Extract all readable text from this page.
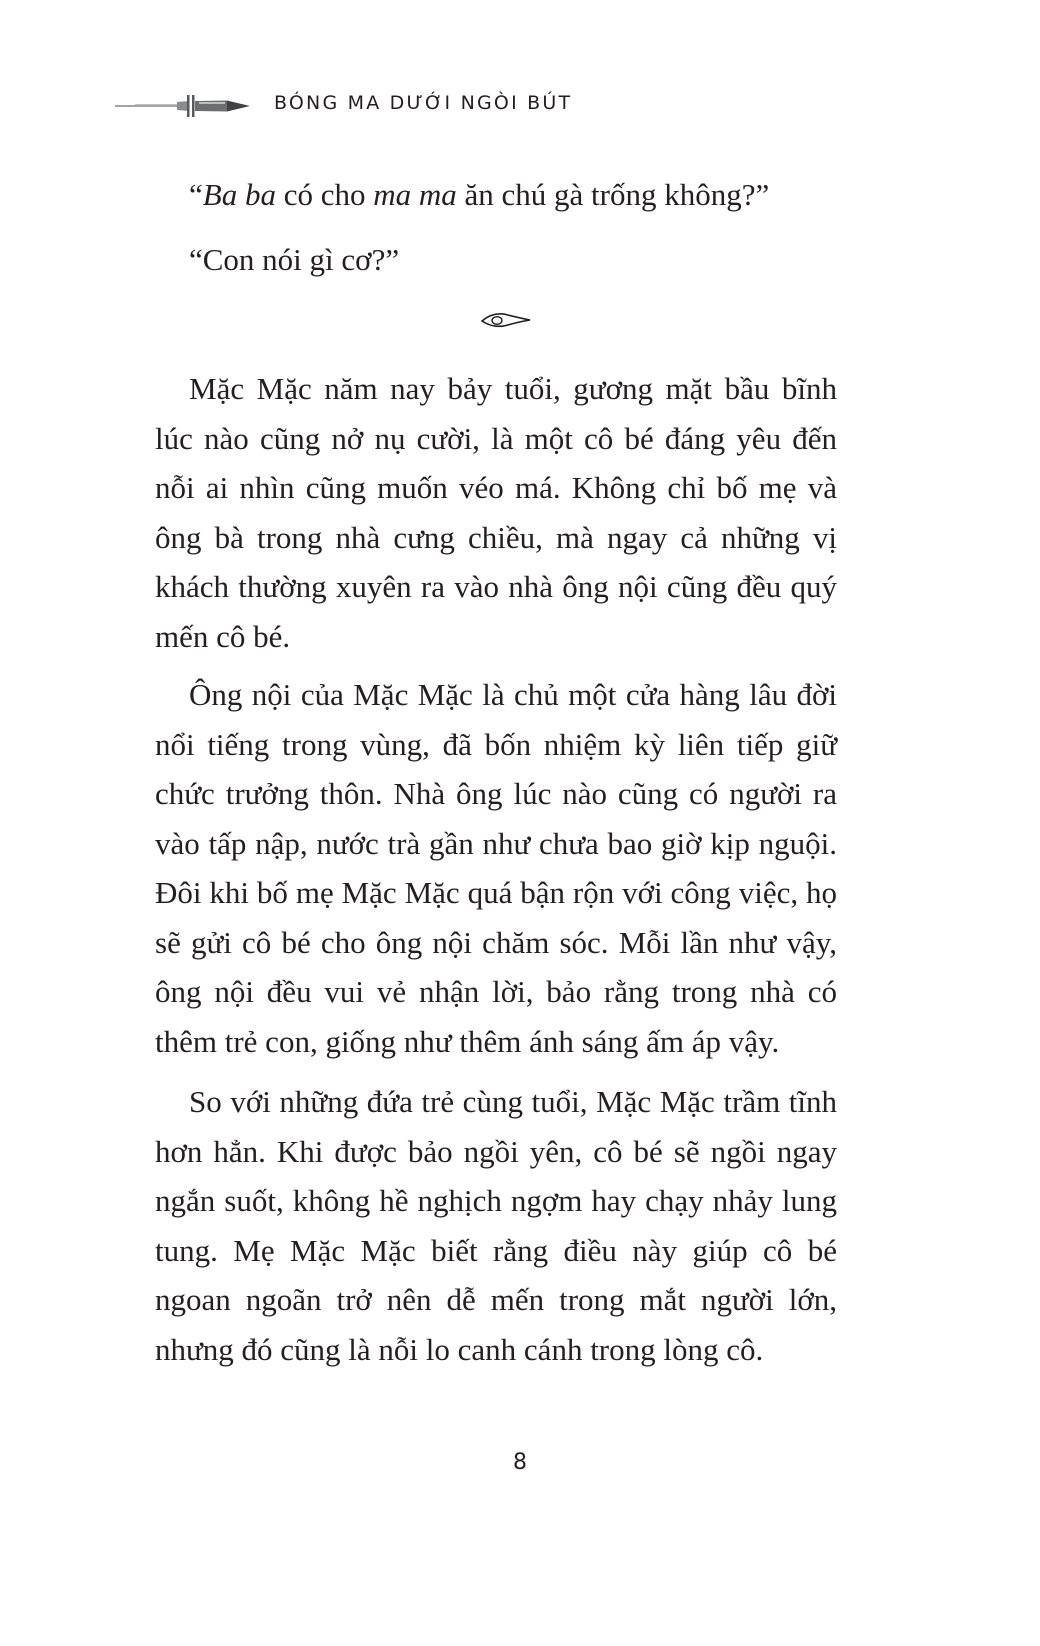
BÓNG MA DƯỚI NGÒI BÚT
“Ba ba có cho ma ma ăn chú gà trống không?”
“Con nói gì cơ?”

Mặc Mặc năm nay bảy tuổi, gương mặt bầu bĩnh lúc nào cũng nở nụ cười, là một cô bé đáng yêu đến nỗi ai nhìn cũng muốn véo má. Không chỉ bố mẹ và ông bà trong nhà cưng chiều, mà ngay cả những vị khách thường xuyên ra vào nhà ông nội cũng đều quý mến cô bé.

Ông nội của Mặc Mặc là chủ một cửa hàng lâu đời nổi tiếng trong vùng, đã bốn nhiệm kỳ liên tiếp giữ chức trưởng thôn. Nhà ông lúc nào cũng có người ra vào tấp nập, nước trà gần như chưa bao giờ kịp nguội. Đôi khi bố mẹ Mặc Mặc quá bận rộn với công việc, họ sẽ gửi cô bé cho ông nội chăm sóc. Mỗi lần như vậy, ông nội đều vui vẻ nhận lời, bảo rằng trong nhà có thêm trẻ con, giống như thêm ánh sáng ấm áp vậy.

So với những đứa trẻ cùng tuổi, Mặc Mặc trầm tĩnh hơn hẳn. Khi được bảo ngồi yên, cô bé sẽ ngồi ngay ngắn suốt, không hề nghịch ngợm hay chạy nhảy lung tung. Mẹ Mặc Mặc biết rằng điều này giúp cô bé ngoan ngoãn trở nên dễ mến trong mắt người lớn, nhưng đó cũng là nỗi lo canh cánh trong lòng cô.

8
